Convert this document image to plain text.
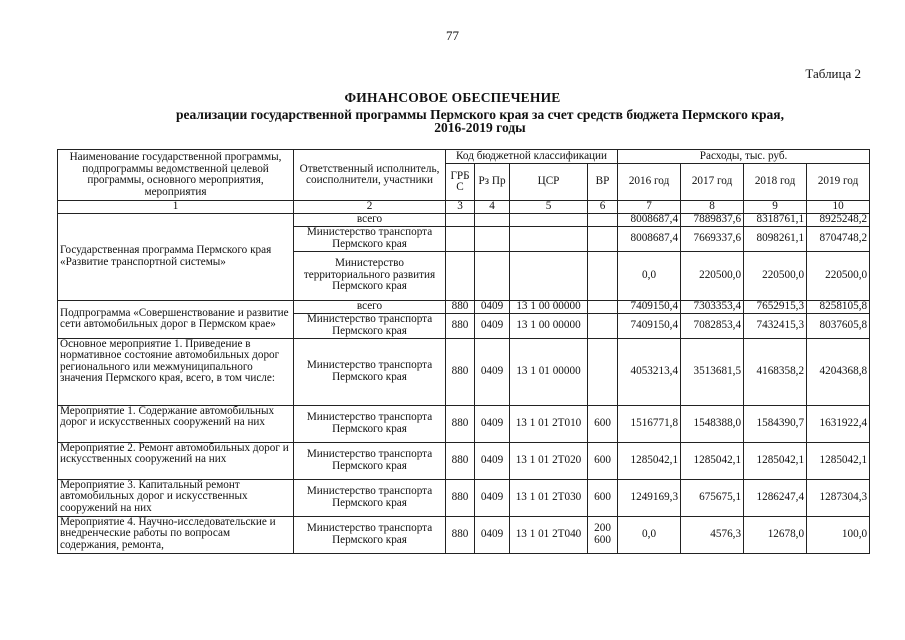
77
Таблица 2
ФИНАНСОВОЕ ОБЕСПЕЧЕНИЕ
реализации государственной программы Пермского края за счет средств бюджета Пермского края,
2016-2019 годы
Наименование государственной программы, подпрограммы ведомственной целевой программы, основного мероприятия, мероприятия	Ответственный исполнитель, соисполнители, участники	Код бюджетной классификации				Расходы, тыс. руб.			
		ГРБ С	Рз Пр	ЦСР	ВР	2016 год	2017 год	2018 год	2019 год
1	2	3	4	5	6	7	8	9	10
Государственная программа Пермского края «Развитие транспортной системы»	всего					8008687,4	7889837,6	8318761,1	8925248,2
	Министерство транспорта Пермского края					8008687,4	7669337,6	8098261,1	8704748,2
	Министерство территориального развития Пермского края					0,0	220500,0	220500,0	220500,0
Подпрограмма «Совершенствование и развитие сети автомобильных дорог в Пермском крае»	всего	880	0409	13 1 00 00000		7409150,4	7303353,4	7652915,3	8258105,8
	Министерство транспорта Пермского края	880	0409	13 1 00 00000		7409150,4	7082853,4	7432415,3	8037605,8
Основное мероприятие 1. Приведение в нормативное состояние автомобильных дорог регионального или межмуниципального значения Пермского края, всего, в том числе:	Министерство транспорта Пермского края	880	0409	13 1 01 00000		4053213,4	3513681,5	4168358,2	4204368,8
Мероприятие 1. Содержание автомобильных дорог и искусственных сооружений на них	Министерство транспорта Пермского края	880	0409	13 1 01 2T010	600	1516771,8	1548388,0	1584390,7	1631922,4
Мероприятие 2. Ремонт автомобильных дорог и искусственных сооружений на них	Министерство транспорта Пермского края	880	0409	13 1 01 2T020	600	1285042,1	1285042,1	1285042,1	1285042,1
Мероприятие 3. Капитальный ремонт автомобильных дорог и искусственных сооружений на них	Министерство транспорта Пермского края	880	0409	13 1 01 2T030	600	1249169,3	675675,1	1286247,4	1287304,3
Мероприятие 4. Научно-исследовательские и внедренческие работы по вопросам содержания, ремонта,	Министерство транспорта Пермского края	880	0409	13 1 01 2T040	200 600	0,0	4576,3	12678,0	100,0
